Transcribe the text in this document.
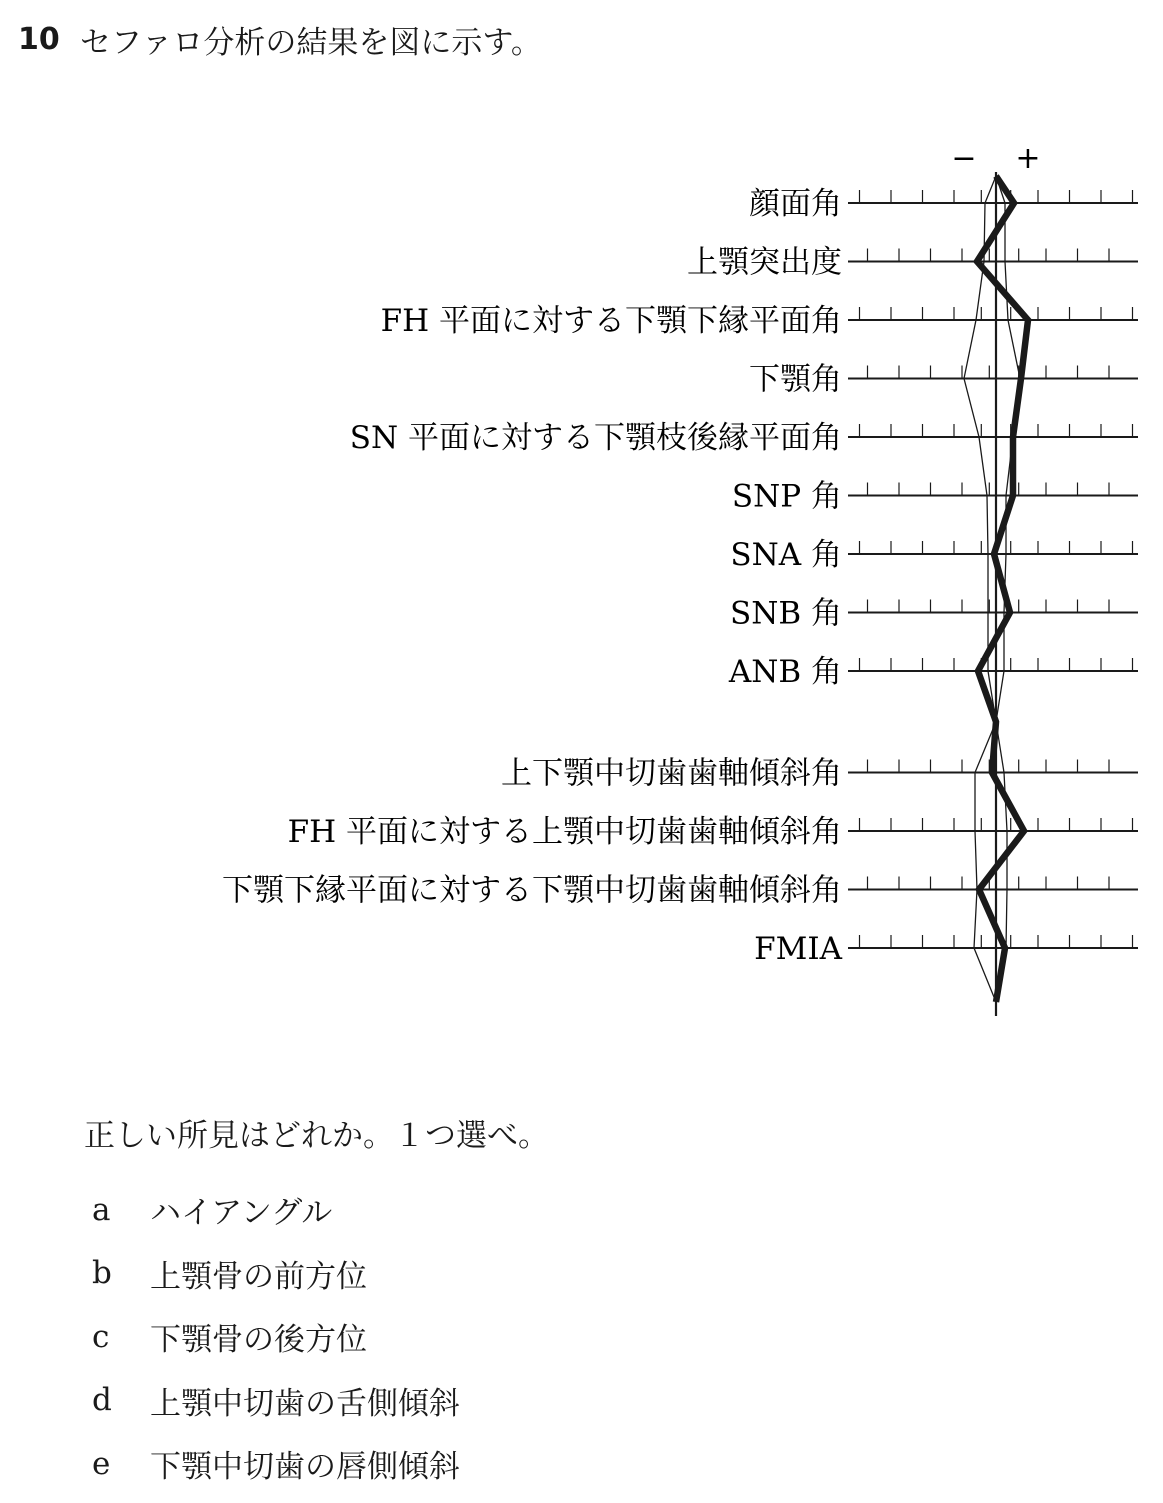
10 セファロ分析の結果を図に示す。
− +
顔面角
上顎突出度
FH 平面に対する下顎下縁平面角
下顎角
SN 平面に対する下顎枝後縁平面角
SNP 角
SNA 角
SNB 角
ANB 角
上下顎中切歯歯軸傾斜角
FH 平面に対する上顎中切歯歯軸傾斜角
下顎下縁平面に対する下顎中切歯歯軸傾斜角
FMIA
正しい所見はどれか。１つ選べ。
a	ハイアングル
b	上顎骨の前方位
c	下顎骨の後方位
d	上顎中切歯の舌側傾斜
e	下顎中切歯の唇側傾斜
